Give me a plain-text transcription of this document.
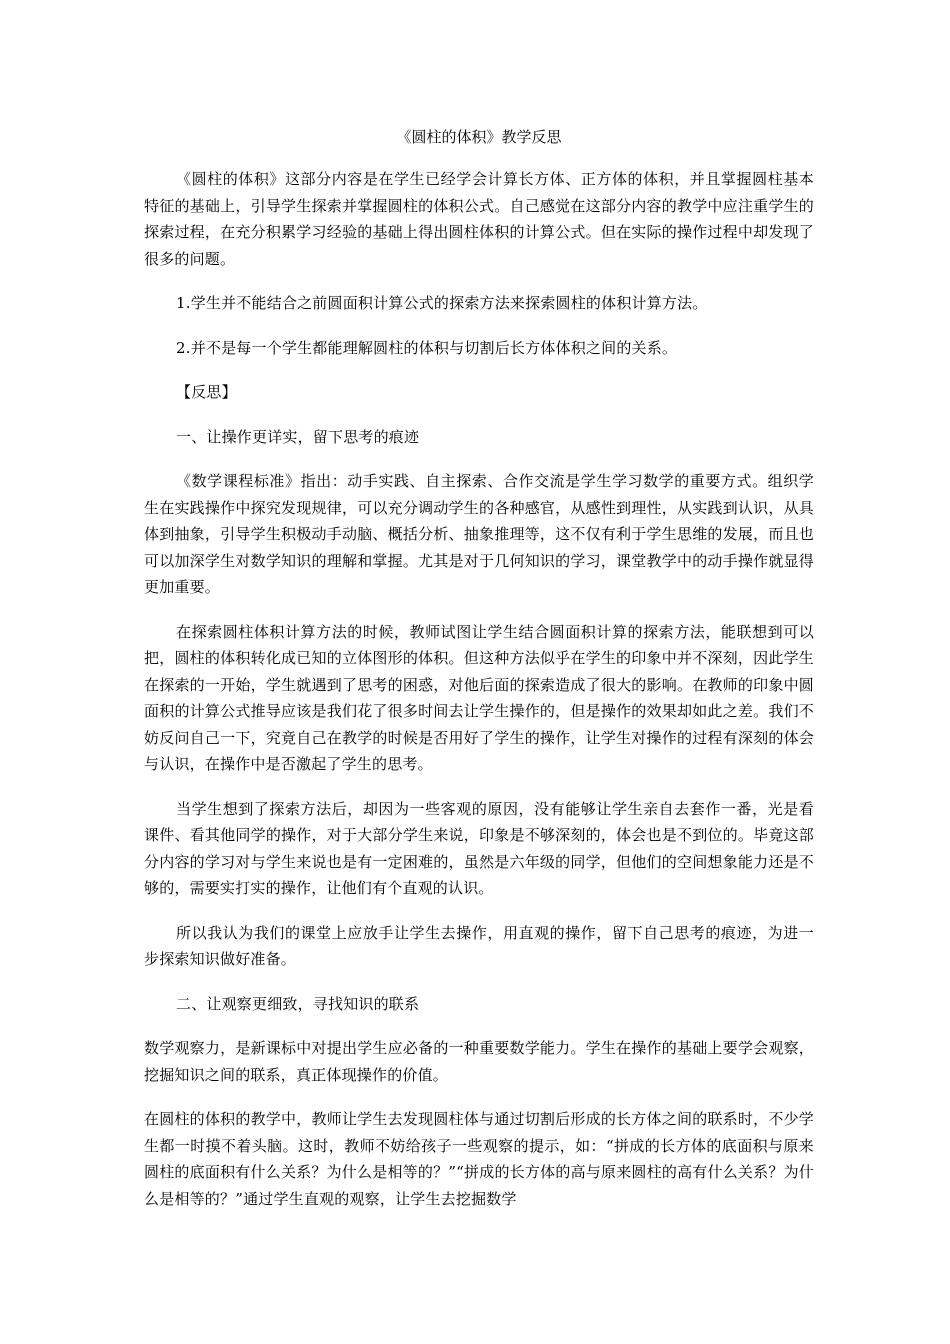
《圆柱的体积》教学反思

《圆柱的体积》这部分内容是在学生已经学会计算长方体、正方体的体积，并且掌握圆柱基本特征的基础上，引导学生探索并掌握圆柱的体积公式。自己感觉在这部分内容的教学中应注重学生的探索过程，在充分积累学习经验的基础上得出圆柱体积的计算公式。但在实际的操作过程中却发现了很多的问题。

1.学生并不能结合之前圆面积计算公式的探索方法来探索圆柱的体积计算方法。

2.并不是每一个学生都能理解圆柱的体积与切割后长方体体积之间的关系。

【反思】

一、让操作更详实，留下思考的痕迹

《数学课程标准》指出：动手实践、自主探索、合作交流是学生学习数学的重要方式。组织学生在实践操作中探究发现规律，可以充分调动学生的各种感官，从感性到理性，从实践到认识，从具体到抽象，引导学生积极动手动脑、概括分析、抽象推理等，这不仅有利于学生思维的发展，而且也可以加深学生对数学知识的理解和掌握。尤其是对于几何知识的学习，课堂教学中的动手操作就显得更加重要。

在探索圆柱体积计算方法的时候，教师试图让学生结合圆面积计算的探索方法，能联想到可以把，圆柱的体积转化成已知的立体图形的体积。但这种方法似乎在学生的印象中并不深刻，因此学生在探索的一开始，学生就遇到了思考的困惑，对他后面的探索造成了很大的影响。在教师的印象中圆面积的计算公式推导应该是我们花了很多时间去让学生操作的，但是操作的效果却如此之差。我们不妨反问自己一下，究竟自己在教学的时候是否用好了学生的操作，让学生对操作的过程有深刻的体会与认识，在操作中是否激起了学生的思考。

当学生想到了探索方法后，却因为一些客观的原因，没有能够让学生亲自去套作一番，光是看课件、看其他同学的操作，对于大部分学生来说，印象是不够深刻的，体会也是不到位的。毕竟这部分内容的学习对与学生来说也是有一定困难的，虽然是六年级的同学，但他们的空间想象能力还是不够的，需要实打实的操作，让他们有个直观的认识。

所以我认为我们的课堂上应放手让学生去操作，用直观的操作，留下自己思考的痕迹，为进一步探索知识做好准备。

二、让观察更细致，寻找知识的联系

数学观察力，是新课标中对提出学生应必备的一种重要数学能力。学生在操作的基础上要学会观察，挖掘知识之间的联系，真正体现操作的价值。

在圆柱的体积的教学中，教师让学生去发现圆柱体与通过切割后形成的长方体之间的联系时，不少学生都一时摸不着头脑。这时，教师不妨给孩子一些观察的提示，如：“拼成的长方体的底面积与原来圆柱的底面积有什么关系？为什么是相等的？”“拼成的长方体的高与原来圆柱的高有什么关系？为什么是相等的？”通过学生直观的观察，让学生去挖掘数学
